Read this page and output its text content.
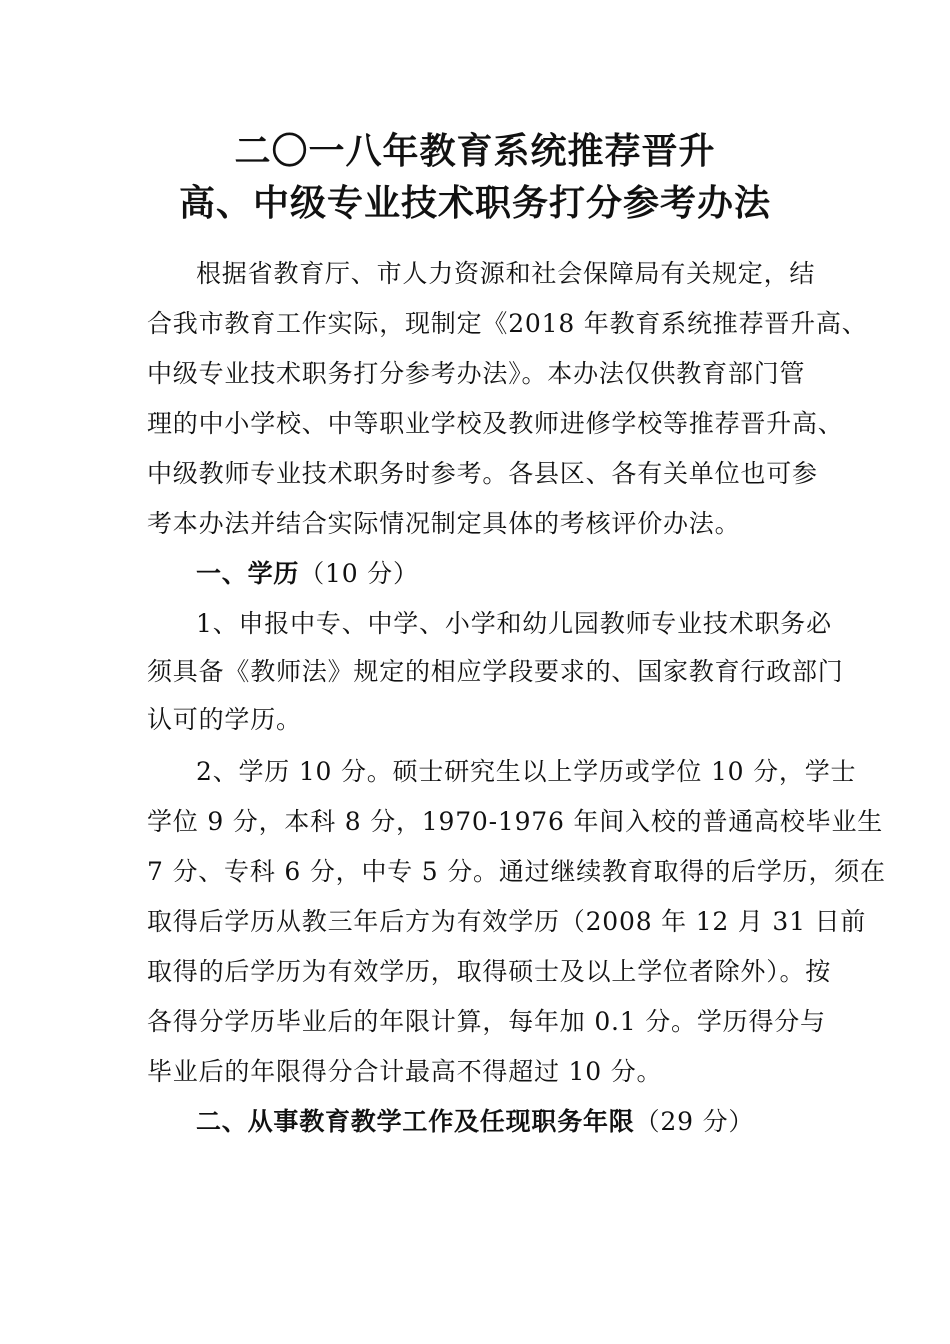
二〇一八年教育系统推荐晋升
高、中级专业技术职务打分参考办法
根据省教育厅、市人力资源和社会保障局有关规定，结
合我市教育工作实际，现制定《2018 年教育系统推荐晋升高、
中级专业技术职务打分参考办法》。本办法仅供教育部门管
理的中小学校、中等职业学校及教师进修学校等推荐晋升高、
中级教师专业技术职务时参考。各县区、各有关单位也可参
考本办法并结合实际情况制定具体的考核评价办法。
一、学历（10 分）
1、申报中专、中学、小学和幼儿园教师专业技术职务必
须具备《教师法》规定的相应学段要求的、国家教育行政部门
认可的学历。
2、学历 10 分。硕士研究生以上学历或学位 10 分，学士
学位 9 分，本科 8 分，1970-1976 年间入校的普通高校毕业生
7 分、专科 6 分，中专 5 分。通过继续教育取得的后学历，须在
取得后学历从教三年后方为有效学历（2008 年 12 月 31 日前
取得的后学历为有效学历，取得硕士及以上学位者除外）。按
各得分学历毕业后的年限计算，每年加 0.1 分。学历得分与
毕业后的年限得分合计最高不得超过 10 分。
二、从事教育教学工作及任现职务年限（29 分）
